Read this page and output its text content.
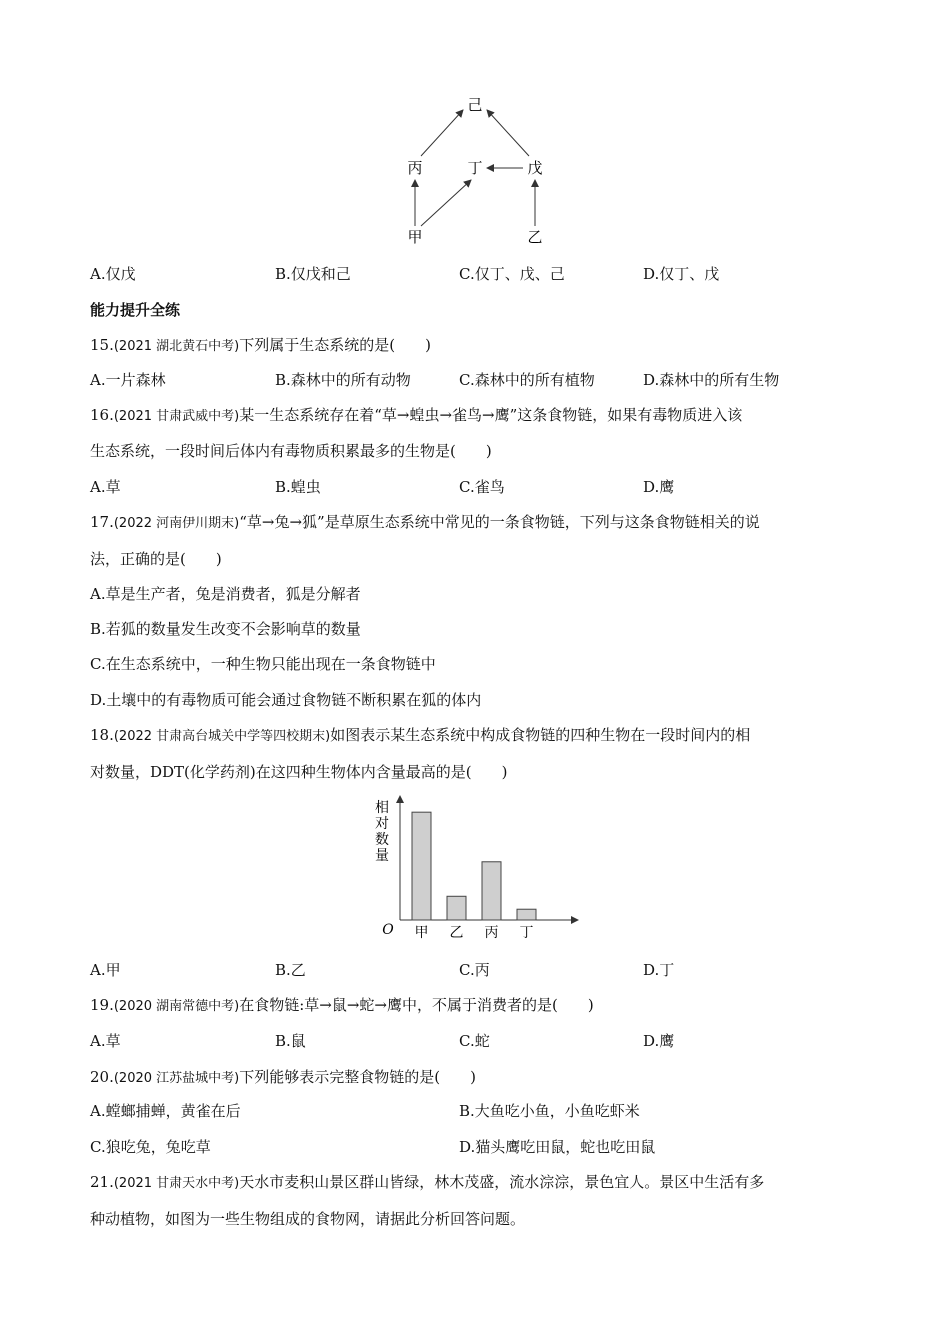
己
丙	丁	戊
甲	乙
A.仅戊	B.仅戊和己	C.仅丁、戊、己	D.仅丁、戊
能力提升全练
15.(2021 湖北黄石中考)下列属于生态系统的是(　　)
A.一片森林	B.森林中的所有动物	C.森林中的所有植物	D.森林中的所有生物
16.(2021 甘肃武威中考)某一生态系统存在着“草→蝗虫→雀鸟→鹰”这条食物链，如果有毒物质进入该
生态系统，一段时间后体内有毒物质积累最多的生物是(　　)
A.草	B.蝗虫	C.雀鸟	D.鹰
17.(2022 河南伊川期末)“草→兔→狐”是草原生态系统中常见的一条食物链，下列与这条食物链相关的说
法，正确的是(　　)
A.草是生产者，兔是消费者，狐是分解者
B.若狐的数量发生改变不会影响草的数量
C.在生态系统中，一种生物只能出现在一条食物链中
D.土壤中的有毒物质可能会通过食物链不断积累在狐的体内
18.(2022 甘肃高台城关中学等四校期末)如图表示某生态系统中构成食物链的四种生物在一段时间内的相
对数量，DDT(化学药剂)在这四种生物体内含量最高的是(　　)
相
对
数
量
O 甲 乙 丙 丁
A.甲	B.乙	C.丙	D.丁
19.(2020 湖南常德中考)在食物链:草→鼠→蛇→鹰中，不属于消费者的是(　　)
A.草	B.鼠	C.蛇	D.鹰
20.(2020 江苏盐城中考)下列能够表示完整食物链的是(　　)
A.螳螂捕蝉，黄雀在后	B.大鱼吃小鱼，小鱼吃虾米
C.狼吃兔，兔吃草	D.猫头鹰吃田鼠，蛇也吃田鼠
21.(2021 甘肃天水中考)天水市麦积山景区群山皆绿，林木茂盛，流水淙淙，景色宜人。景区中生活有多
种动植物，如图为一些生物组成的食物网，请据此分析回答问题。
